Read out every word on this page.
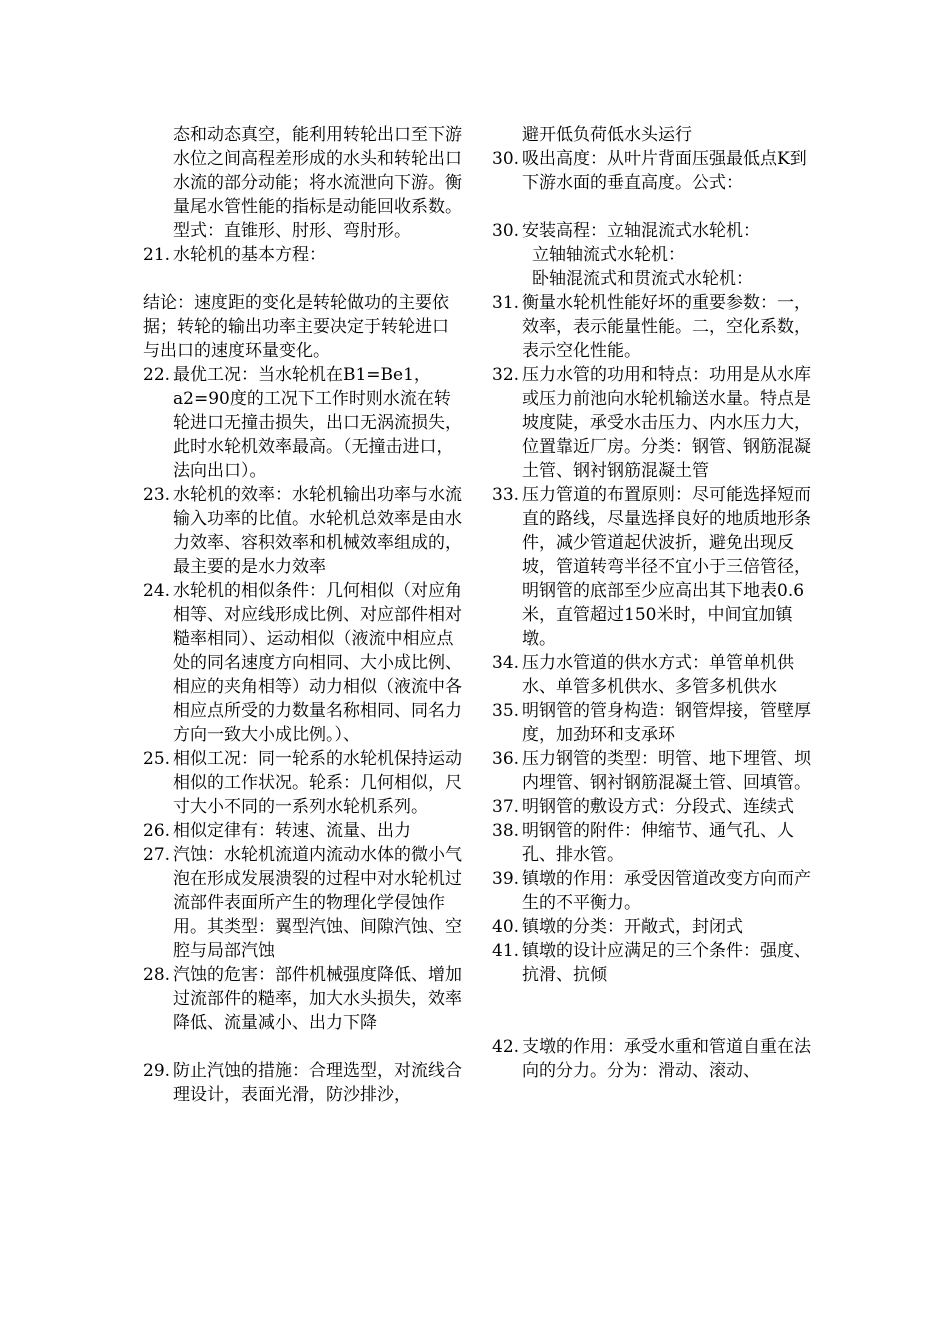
态和动态真空，能利用转轮出口至下游水位之间高程差形成的水头和转轮出口水流的部分动能；将水流泄向下游。衡量尾水管性能的指标是动能回收系数。型式：直锥形、肘形、弯肘形。
21. 水轮机的基本方程：
结论：速度距的变化是转轮做功的主要依据；转轮的输出功率主要决定于转轮进口与出口的速度环量变化。
22. 最优工况：当水轮机在B1=Be1，a2=90度的工况下工作时则水流在转轮进口无撞击损失，出口无涡流损失，此时水轮机效率最高。（无撞击进口，法向出口）。
23. 水轮机的效率：水轮机输出功率与水流输入功率的比值。水轮机总效率是由水力效率、容积效率和机械效率组成的，最主要的是水力效率
24. 水轮机的相似条件：几何相似（对应角相等、对应线形成比例、对应部件相对糙率相同）、运动相似（液流中相应点处的同名速度方向相同、大小成比例、相应的夹角相等）动力相似（液流中各相应点所受的力数量名称相同、同名力方向一致大小成比例。）、
25. 相似工况：同一轮系的水轮机保持运动相似的工作状况。轮系：几何相似，尺寸大小不同的一系列水轮机系列。
26. 相似定律有：转速、流量、出力
27. 汽蚀：水轮机流道内流动水体的微小气泡在形成发展溃裂的过程中对水轮机过流部件表面所产生的物理化学侵蚀作用。其类型：翼型汽蚀、间隙汽蚀、空腔与局部汽蚀
28. 汽蚀的危害：部件机械强度降低、增加过流部件的糙率，加大水头损失，效率降低、流量减小、出力下降
29. 防止汽蚀的措施：合理选型，对流线合理设计，表面光滑，防沙排沙，
避开低负荷低水头运行
30. 吸出高度：从叶片背面压强最低点K到下游水面的垂直高度。公式：
30. 安装高程：立轴混流式水轮机：
立轴轴流式水轮机：
卧轴混流式和贯流式水轮机：
31. 衡量水轮机性能好坏的重要参数：一，效率，表示能量性能。二，空化系数，表示空化性能。
32. 压力水管的功用和特点：功用是从水库或压力前池向水轮机输送水量。特点是坡度陡，承受水击压力、内水压力大，位置靠近厂房。分类：钢管、钢筋混凝土管、钢衬钢筋混凝土管
33. 压力管道的布置原则：尽可能选择短而直的路线，尽量选择良好的地质地形条件，减少管道起伏波折，避免出现反坡，管道转弯半径不宜小于三倍管径，明钢管的底部至少应高出其下地表0.6米，直管超过150米时，中间宜加镇墩。
34. 压力水管道的供水方式：单管单机供水、单管多机供水、多管多机供水
35. 明钢管的管身构造：钢管焊接，管壁厚度，加劲环和支承环
36. 压力钢管的类型：明管、地下埋管、坝内埋管、钢衬钢筋混凝土管、回填管。
37. 明钢管的敷设方式：分段式、连续式
38. 明钢管的附件：伸缩节、通气孔、人孔、排水管。
39. 镇墩的作用：承受因管道改变方向而产生的不平衡力。
40. 镇墩的分类：开敞式，封闭式
41. 镇墩的设计应满足的三个条件：强度、抗滑、抗倾
42. 支墩的作用：承受水重和管道自重在法向的分力。分为：滑动、滚动、
